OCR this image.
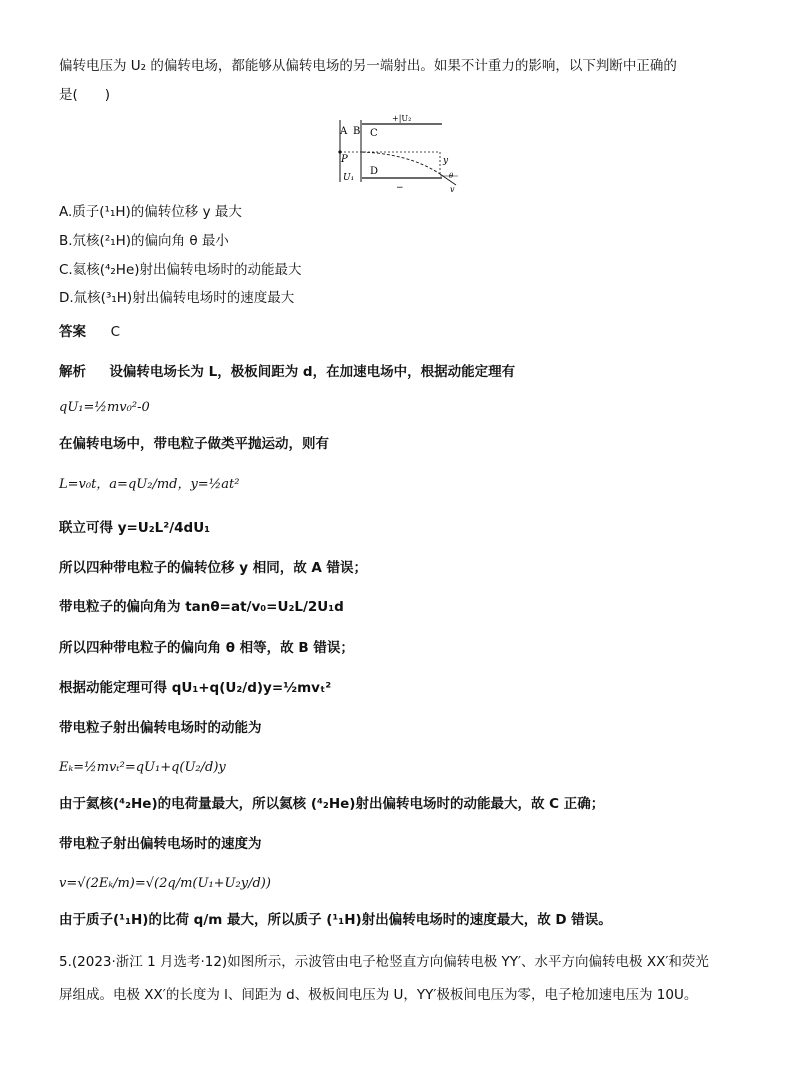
偏转电压为 U₂ 的偏转电场，都能够从偏转电场的另一端射出。如果不计重力的影响，以下判断中正确的
是(　　)
A B C
D
P
U₁
+|U₂
−
y
θ
v
A.质子(¹₁H)的偏转位移 y 最大
B.氘核(²₁H)的偏向角 θ 最小
C.氦核(⁴₂He)射出偏转电场时的动能最大
D.氚核(³₁H)射出偏转电场时的速度最大
答案 C
解析 设偏转电场长为 L，极板间距为 d，在加速电场中，根据动能定理有
qU₁=½mv₀²-0
在偏转电场中，带电粒子做类平抛运动，则有
L=v₀t，a=qU₂/md，y=½at²
联立可得 y=U₂L²/4dU₁
所以四种带电粒子的偏转位移 y 相同，故 A 错误；
带电粒子的偏向角为 tanθ=at/v₀=U₂L/2U₁d
所以四种带电粒子的偏向角 θ 相等，故 B 错误；
根据动能定理可得 qU₁+q(U₂/d)y=½mvₜ²
带电粒子射出偏转电场时的动能为
Eₖ=½mvₜ²=qU₁+q(U₂/d)y
由于氦核(⁴₂He)的电荷量最大，所以氦核 (⁴₂He)射出偏转电场时的动能最大，故 C 正确；
带电粒子射出偏转电场时的速度为
v=√(2Eₖ/m)=√(2q/m(U₁+U₂y/d))
由于质子(¹₁H)的比荷 q/m 最大，所以质子 (¹₁H)射出偏转电场时的速度最大，故 D 错误。
5.(2023·浙江 1 月选考·12)如图所示，示波管由电子枪竖直方向偏转电极 YY′、水平方向偏转电极 XX′和荧光
屏组成。电极 XX′的长度为 l、间距为 d、极板间电压为 U，YY′极板间电压为零，电子枪加速电压为 10U。
